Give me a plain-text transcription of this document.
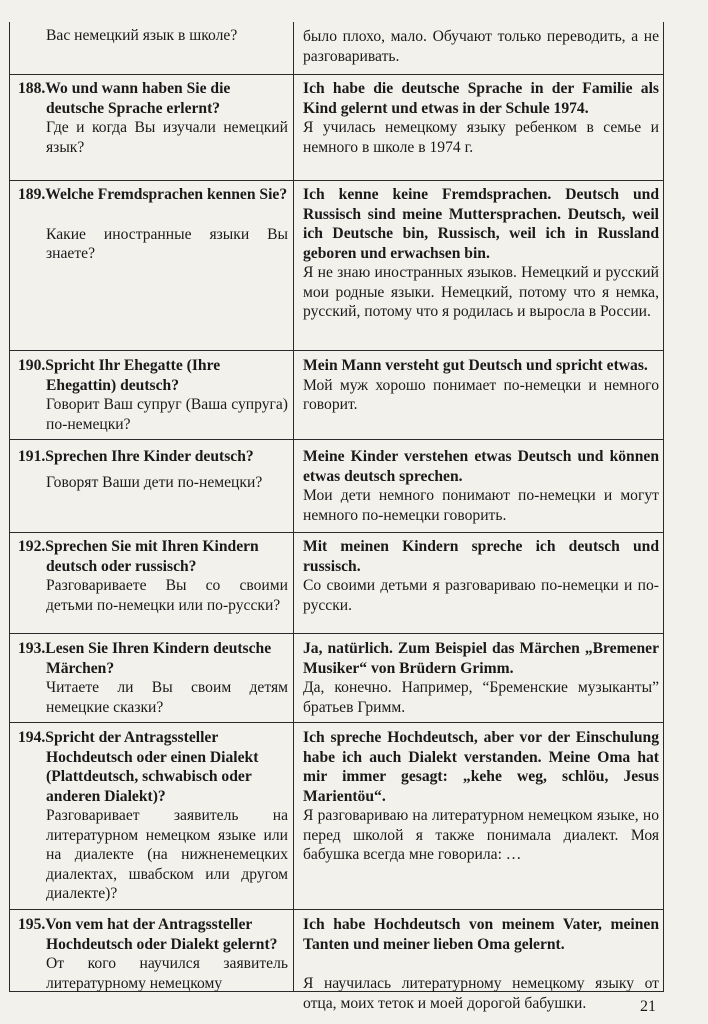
Вас немецкий язык в школе?	было плохо, мало. Обучают только переводить, а не разговаривать.
188.Wo und wann haben Sie die deutsche Sprache erlernt?
Где и когда Вы изучали немецкий язык?
Ich habe die deutsche Sprache in der Familie als Kind gelernt und etwas in der Schule 1974.
Я училась немецкому языку ребенком в семье и немного в школе в 1974 г.
189.Welche Fremdsprachen kennen Sie?
Какие иностранные языки Вы знаете?
Ich kenne keine Fremdsprachen. Deutsch und Russisch sind meine Muttersprachen. Deutsch, weil ich Deutsche bin, Russisch, weil ich in Russland geboren und erwachsen bin.
Я не знаю иностранных языков. Немецкий и русский мои родные языки. Немецкий, потому что я немка, русский, потому что я родилась и выросла в России.
190.Spricht Ihr Ehegatte (Ihre Ehegattin) deutsch?
Говорит Ваш супруг (Ваша супруга) по-немецки?
Mein Mann versteht gut Deutsch und spricht etwas.
Мой муж хорошо понимает по-немецки и немного говорит.
191.Sprechen Ihre Kinder deutsch?
Говорят Ваши дети по-немецки?
Meine Kinder verstehen etwas Deutsch und können etwas deutsch sprechen.
Мои дети немного понимают по-немецки и могут немного по-немецки говорить.
192.Sprechen Sie mit Ihren Kindern deutsch oder russisch?
Разговариваете Вы со своими детьми по-немецки или по-русски?
Mit meinen Kindern spreche ich deutsch und russisch.
Со своими детьми я разговариваю по-немецки и по-русски.
193.Lesen Sie Ihren Kindern deutsche Märchen?
Читаете ли Вы своим детям немецкие сказки?
Ja, natürlich. Zum Beispiel das Märchen „Bremener Musiker“ von Brüdern Grimm.
Да, конечно. Например, “Бременские музыканты” братьев Гримм.
194.Spricht der Antragssteller Hochdeutsch oder einen Dialekt (Plattdeutsch, schwabisch oder anderen Dialekt)?
Разговаривает заявитель на литературном немецком языке или на диалекте (на нижненемецких диалектах, швабском или другом диалекте)?
Ich spreche Hochdeutsch, aber vor der Einschulung habe ich auch Dialekt verstanden. Meine Oma hat mir immer gesagt: „kehe weg, schlöu, Jesus Marientöu“.
Я разговариваю на литературном немецком языке, но перед школой я также понимала диалект. Моя бабушка всегда мне говорила: …
195.Von vem hat der Antragssteller Hochdeutsch oder Dialekt gelernt?
От кого научился заявитель литературному немецкому
Ich habe Hochdeutsch von meinem Vater, meinen Tanten und meiner lieben Oma gelernt.
Я научилась литературному немецкому языку от отца, моих теток и моей дорогой бабушки.	21
